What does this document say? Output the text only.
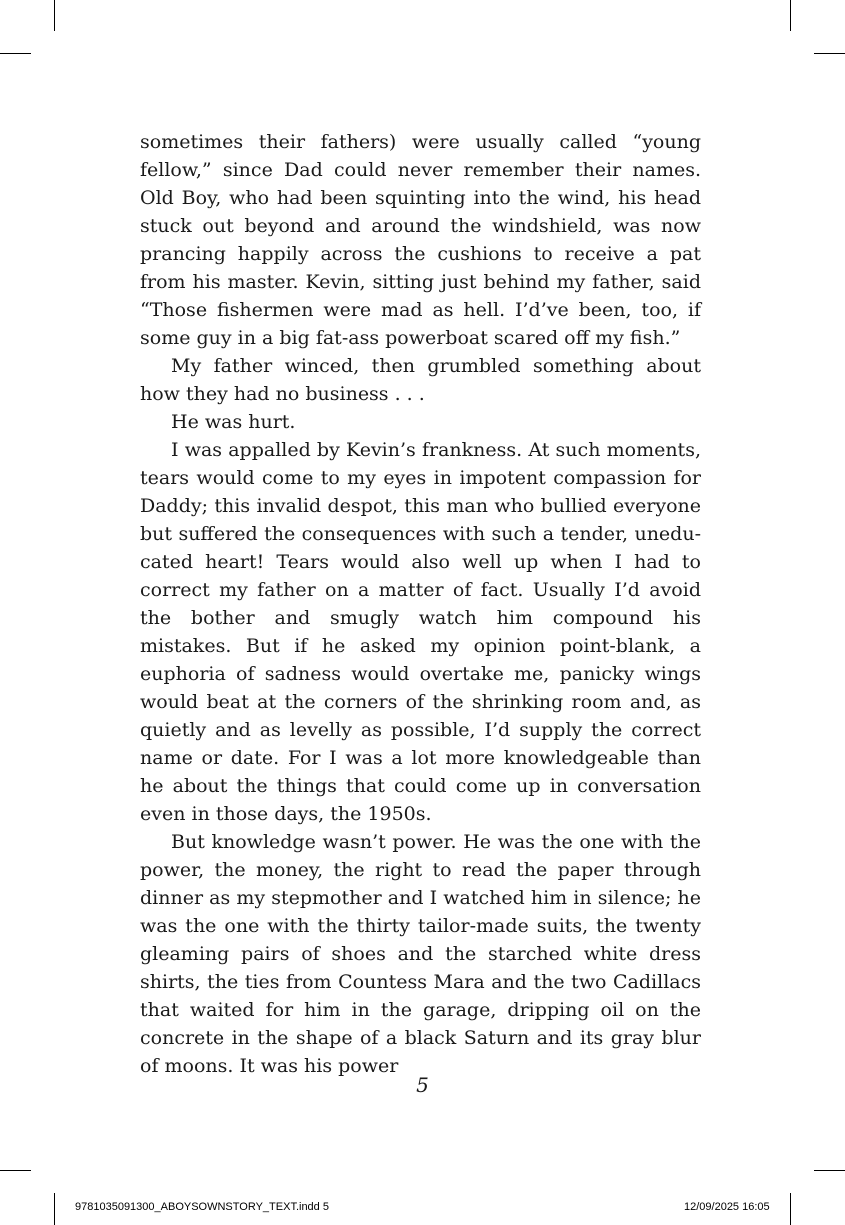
sometimes their fathers) were usually called “young fellow,” since Dad could never remember their names. Old Boy, who had been squinting into the wind, his head stuck out beyond and around the windshield, was now prancing happily across the cushions to receive a pat from his master. Kevin, sitting just behind my father, said “Those fishermen were mad as hell. I’d’ve been, too, if some guy in a big fat-ass powerboat scared off my fish.”

My father winced, then grumbled something about how they had no business . . .

He was hurt.

I was appalled by Kevin’s frankness. At such moments, tears would come to my eyes in impotent compassion for Daddy; this invalid despot, this man who bullied everyone but suffered the consequences with such a tender, uneducated heart! Tears would also well up when I had to correct my father on a matter of fact. Usually I’d avoid the bother and smugly watch him compound his mistakes. But if he asked my opinion point-blank, a euphoria of sadness would overtake me, panicky wings would beat at the corners of the shrinking room and, as quietly and as levelly as possible, I’d supply the correct name or date. For I was a lot more knowledgeable than he about the things that could come up in conversation even in those days, the 1950s.

But knowledge wasn’t power. He was the one with the power, the money, the right to read the paper through dinner as my stepmother and I watched him in silence; he was the one with the thirty tailor-made suits, the twenty gleaming pairs of shoes and the starched white dress shirts, the ties from Countess Mara and the two Cadillacs that waited for him in the garage, dripping oil on the concrete in the shape of a black Saturn and its gray blur of moons. It was his power

5
9781035091300_ABOYSOWNSTORY_TEXT.indd 5	12/09/2025 16:05
